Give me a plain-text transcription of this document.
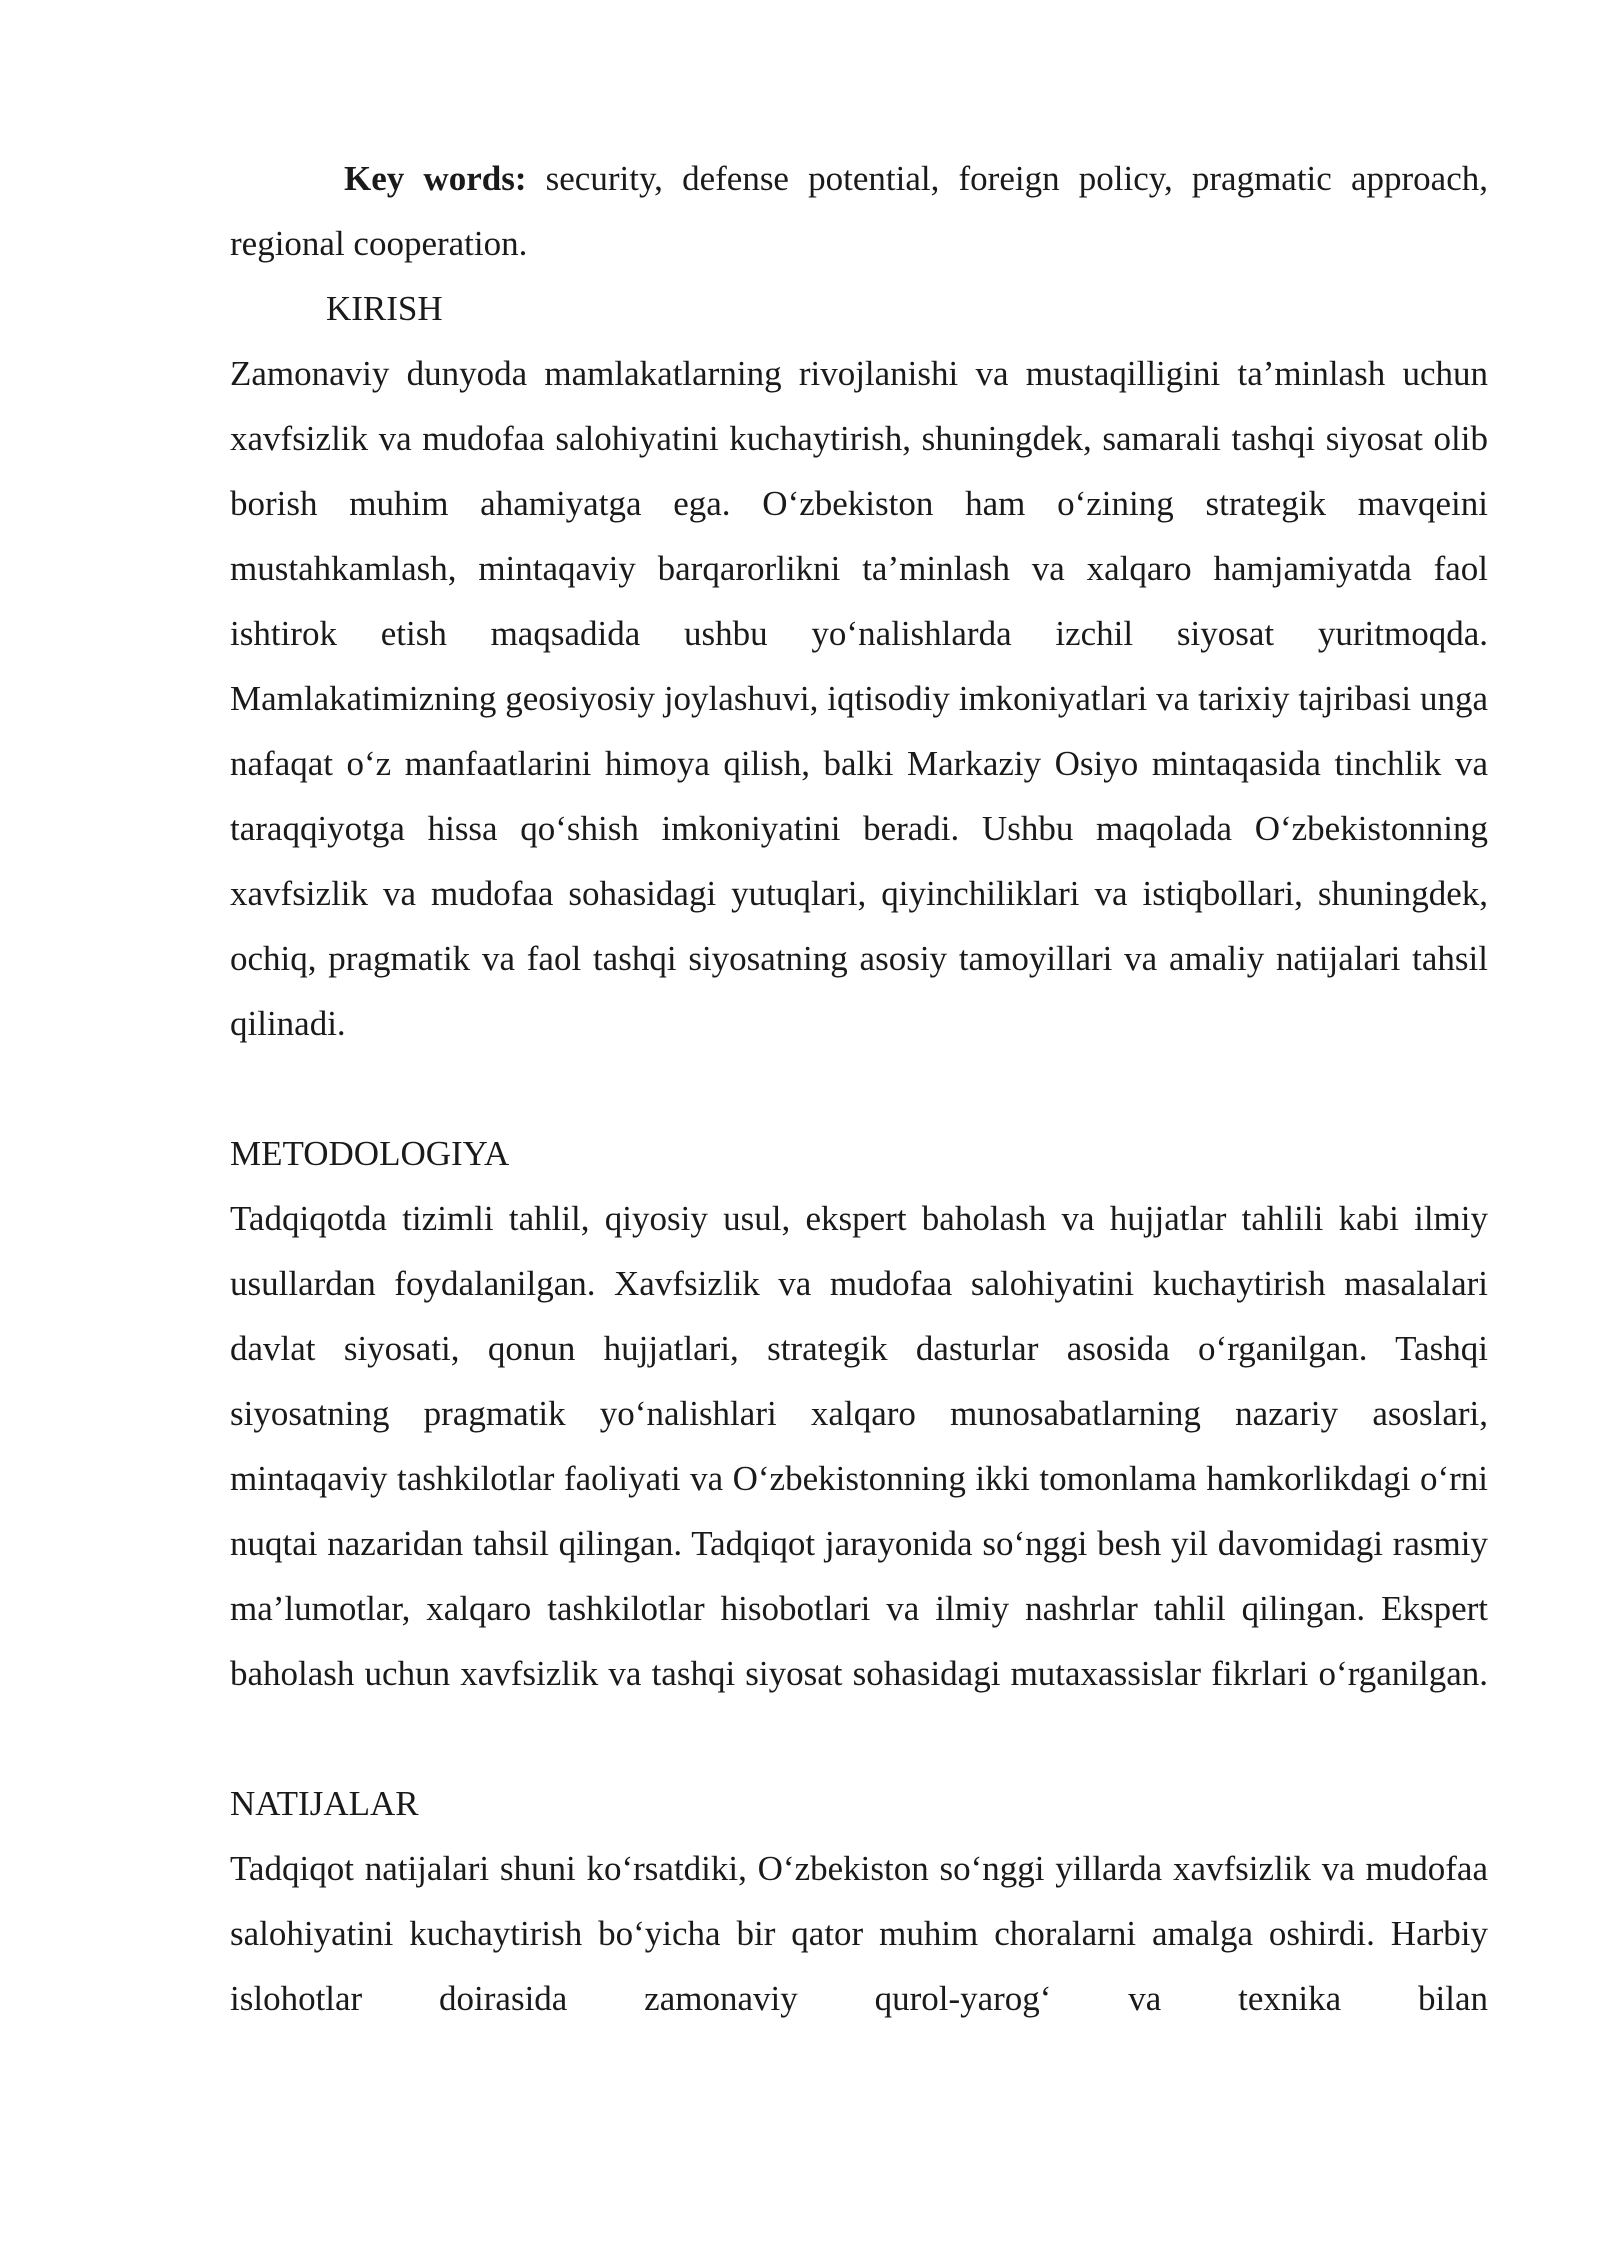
Key words: security, defense potential, foreign policy, pragmatic approach, regional cooperation.

KIRISH

Zamonaviy dunyoda mamlakatlarning rivojlanishi va mustaqilligini ta’minlash uchun xavfsizlik va mudofaa salohiyatini kuchaytirish, shuningdek, samarali tashqi siyosat olib borish muhim ahamiyatga ega. O‘zbekiston ham o‘zining strategik mavqeini mustahkamlash, mintaqaviy barqarorlikni ta’minlash va xalqaro hamjamiyatda faol ishtirok etish maqsadida ushbu yo‘nalishlarda izchil siyosat yuritmoqda. Mamlakatimizning geosiyosiy joylashuvi, iqtisodiy imkoniyatlari va tarixiy tajribasi unga nafaqat o‘z manfaatlarini himoya qilish, balki Markaziy Osiyo mintaqasida tinchlik va taraqqiyotga hissa qo‘shish imkoniyatini beradi. Ushbu maqolada O‘zbekistonning xavfsizlik va mudofaa sohasidagi yutuqlari, qiyinchiliklari va istiqbollari, shuningdek, ochiq, pragmatik va faol tashqi siyosatning asosiy tamoyillari va amaliy natijalari tahsil qilinadi.

METODOLOGIYA

Tadqiqotda tizimli tahlil, qiyosiy usul, ekspert baholash va hujjatlar tahlili kabi ilmiy usullardan foydalanilgan. Xavfsizlik va mudofaa salohiyatini kuchaytirish masalalari davlat siyosati, qonun hujjatlari, strategik dasturlar asosida o‘rganilgan. Tashqi siyosatning pragmatik yo‘nalishlari xalqaro munosabatlarning nazariy asoslari, mintaqaviy tashkilotlar faoliyati va O‘zbekistonning ikki tomonlama hamkorlikdagi o‘rni nuqtai nazaridan tahsil qilingan. Tadqiqot jarayonida so‘nggi besh yil davomidagi rasmiy ma’lumotlar, xalqaro tashkilotlar hisobotlari va ilmiy nashrlar tahlil qilingan. Ekspert baholash uchun xavfsizlik va tashqi siyosat sohasidagi mutaxassislar fikrlari o‘rganilgan.

NATIJALAR

Tadqiqot natijalari shuni ko‘rsatdiki, O‘zbekiston so‘nggi yillarda xavfsizlik va mudofaa salohiyatini kuchaytirish bo‘yicha bir qator muhim choralarni amalga oshirdi. Harbiy islohotlar doirasida zamonaviy qurol-yarog‘ va texnika bilan
